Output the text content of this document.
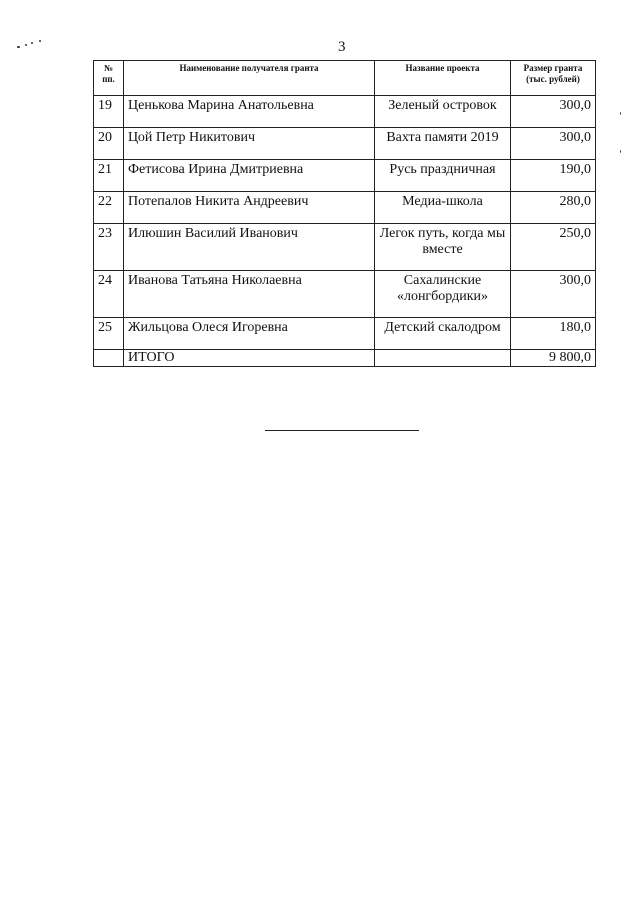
3
№ пп.	Наименование получателя гранта	Название проекта	Размер гранта (тыс. рублей)
19	Ценькова Марина Анатольевна	Зеленый островок	300,0
20	Цой Петр Никитович	Вахта памяти 2019	300,0
21	Фетисова Ирина Дмитриевна	Русь праздничная	190,0
22	Потепалов Никита Андреевич	Медиа-школа	280,0
23	Илюшин Василий Иванович	Легок путь, когда мы вместе	250,0
24	Иванова Татьяна Николаевна	Сахалинские «лонгбордики»	300,0
25	Жильцова Олеся Игоревна	Детский скалодром	180,0
	ИТОГО		9 800,0
